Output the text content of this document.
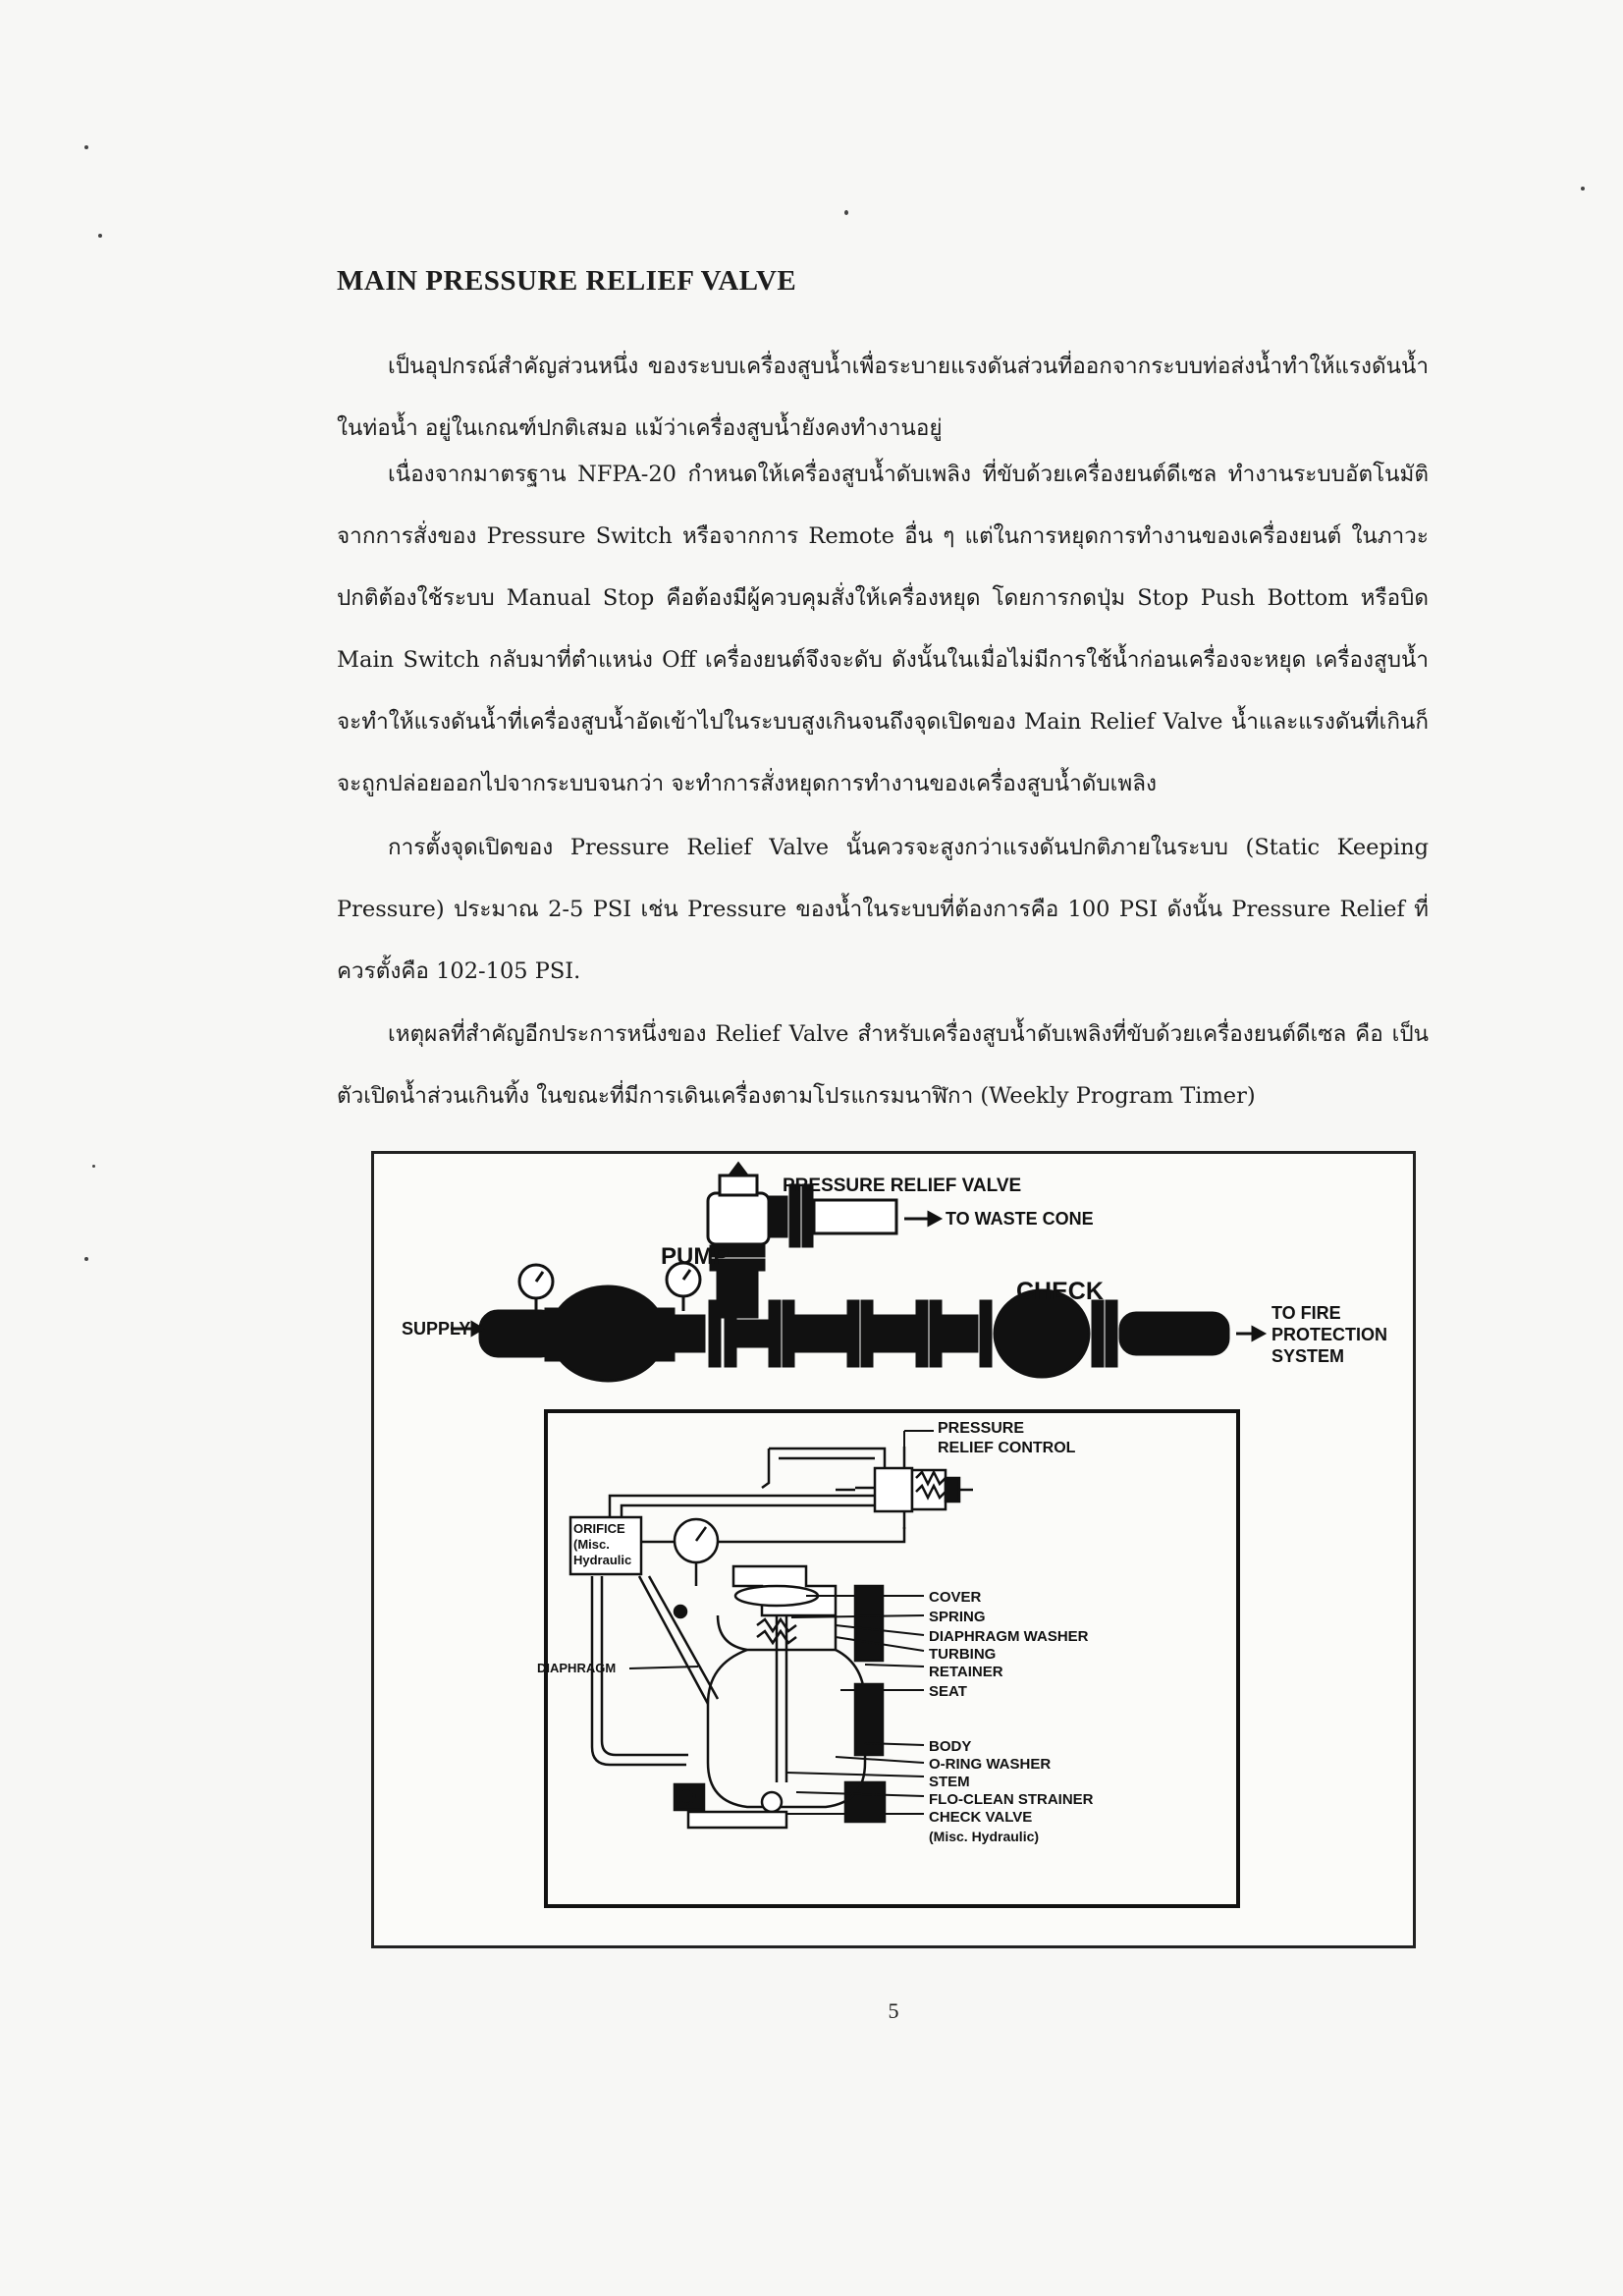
MAIN PRESSURE RELIEF VALVE
เป็นอุปกรณ์สำคัญส่วนหนึ่ง ของระบบเครื่องสูบน้ำเพื่อระบายแรงดันส่วนที่ออกจากระบบท่อส่งน้ำทำให้แรงดันน้ำในท่อน้ำ อยู่ในเกณฑ์ปกติเสมอ แม้ว่าเครื่องสูบน้ำยังคงทำงานอยู่
เนื่องจากมาตรฐาน NFPA-20 กำหนดให้เครื่องสูบน้ำดับเพลิง ที่ขับด้วยเครื่องยนต์ดีเซล ทำงานระบบอัตโนมัติจากการสั่งของ Pressure Switch หรือจากการ Remote อื่น ๆ แต่ในการหยุดการทำงานของเครื่องยนต์ ในภาวะปกติต้องใช้ระบบ Manual Stop คือต้องมีผู้ควบคุมสั่งให้เครื่องหยุด โดยการกดปุ่ม Stop Push Bottom หรือบิด Main Switch กลับมาที่ตำแหน่ง Off เครื่องยนต์จึงจะดับ ดังนั้นในเมื่อไม่มีการใช้น้ำก่อนเครื่องจะหยุด เครื่องสูบน้ำจะทำให้แรงดันน้ำที่เครื่องสูบน้ำอัดเข้าไปในระบบสูงเกินจนถึงจุดเปิดของ Main Relief Valve น้ำและแรงดันที่เกินก็จะถูกปล่อยออกไปจากระบบจนกว่า จะทำการสั่งหยุดการทำงานของเครื่องสูบน้ำดับเพลิง
การตั้งจุดเปิดของ Pressure Relief Valve นั้นควรจะสูงกว่าแรงดันปกติภายในระบบ (Static Keeping Pressure) ประมาณ 2-5 PSI เช่น Pressure ของน้ำในระบบที่ต้องการคือ 100 PSI ดังนั้น Pressure Relief ที่ควรตั้งคือ 102-105 PSI.
เหตุผลที่สำคัญอีกประการหนึ่งของ Relief Valve สำหรับเครื่องสูบน้ำดับเพลิงที่ขับด้วยเครื่องยนต์ดีเซล คือ เป็นตัวเปิดน้ำส่วนเกินทิ้ง ในขณะที่มีการเดินเครื่องตามโปรแกรมนาฬิกา (Weekly Program Timer)
PRESSURE RELIEF VALVE
TO WASTE CONE
PUMP
CHECK
SUPPLY
TO FIRE
PROTECTION
SYSTEM
PRESSURE
RELIEF CONTROL
ORIFICE
(Misc.
Hydraulic
DIAPHRAGM
COVER
SPRING
DIAPHRAGM WASHER
TURBING
RETAINER
SEAT
BODY
O-RING WASHER
STEM
FLO-CLEAN STRAINER
CHECK VALVE
(Misc. Hydraulic)
5
